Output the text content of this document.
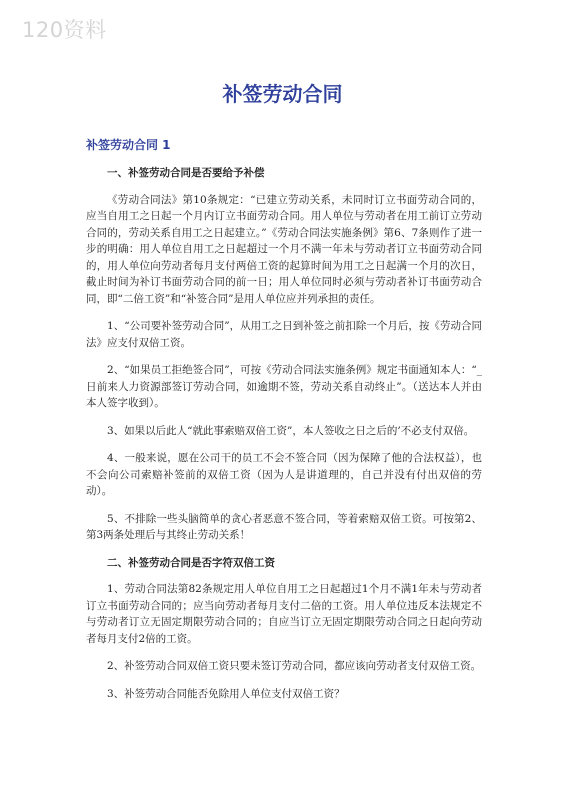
120资料
补签劳动合同
补签劳动合同 1
一、补签劳动合同是否要给予补偿
《劳动合同法》第10条规定：“已建立劳动关系，未同时订立书面劳动合同的，应当自用工之日起一个月内订立书面劳动合同。用人单位与劳动者在用工前订立劳动合同的，劳动关系自用工之日起建立。”《劳动合同法实施条例》第6、7条则作了进一步的明确：用人单位自用工之日起超过一个月不满一年未与劳动者订立书面劳动合同的，用人单位向劳动者每月支付两倍工资的起算时间为用工之日起满一个月的次日，截止时间为补订书面劳动合同的前一日；用人单位同时必须与劳动者补订书面劳动合同，即“二倍工资”和“补签合同”是用人单位应并列承担的责任。
1、“公司要补签劳动合同”，从用工之日到补签之前扣除一个月后，按《劳动合同法》应支付双倍工资。
2、“如果员工拒绝签合同”，可按《劳动合同法实施条例》规定书面通知本人：“_日前来人力资源部签订劳动合同，如逾期不签，劳动关系自动终止”。（送达本人并由本人签字收到）。
3、如果以后此人“就此事索赔双倍工资”，本人签收之日之后的’不必支付双倍。
4、一般来说，愿在公司干的员工不会不签合同（因为保障了他的合法权益），也不会向公司索赔补签前的双倍工资（因为人是讲道理的，自己并没有付出双倍的劳动）。
5、不排除一些头脑简单的贪心者恶意不签合同，等着索赔双倍工资。可按第2、第3两条处理后与其终止劳动关系！
二、补签劳动合同是否字符双倍工资
1、劳动合同法第82条规定用人单位自用工之日起超过1个月不满1年未与劳动者订立书面劳动合同的；应当向劳动者每月支付二倍的工资。用人单位违反本法规定不与劳动者订立无固定期限劳动合同的；自应当订立无固定期限劳动合同之日起向劳动者每月支付2倍的工资。
2、补签劳动合同双倍工资只要未签订劳动合同，都应该向劳动者支付双倍工资。
3、补签劳动合同能否免除用人单位支付双倍工资？
